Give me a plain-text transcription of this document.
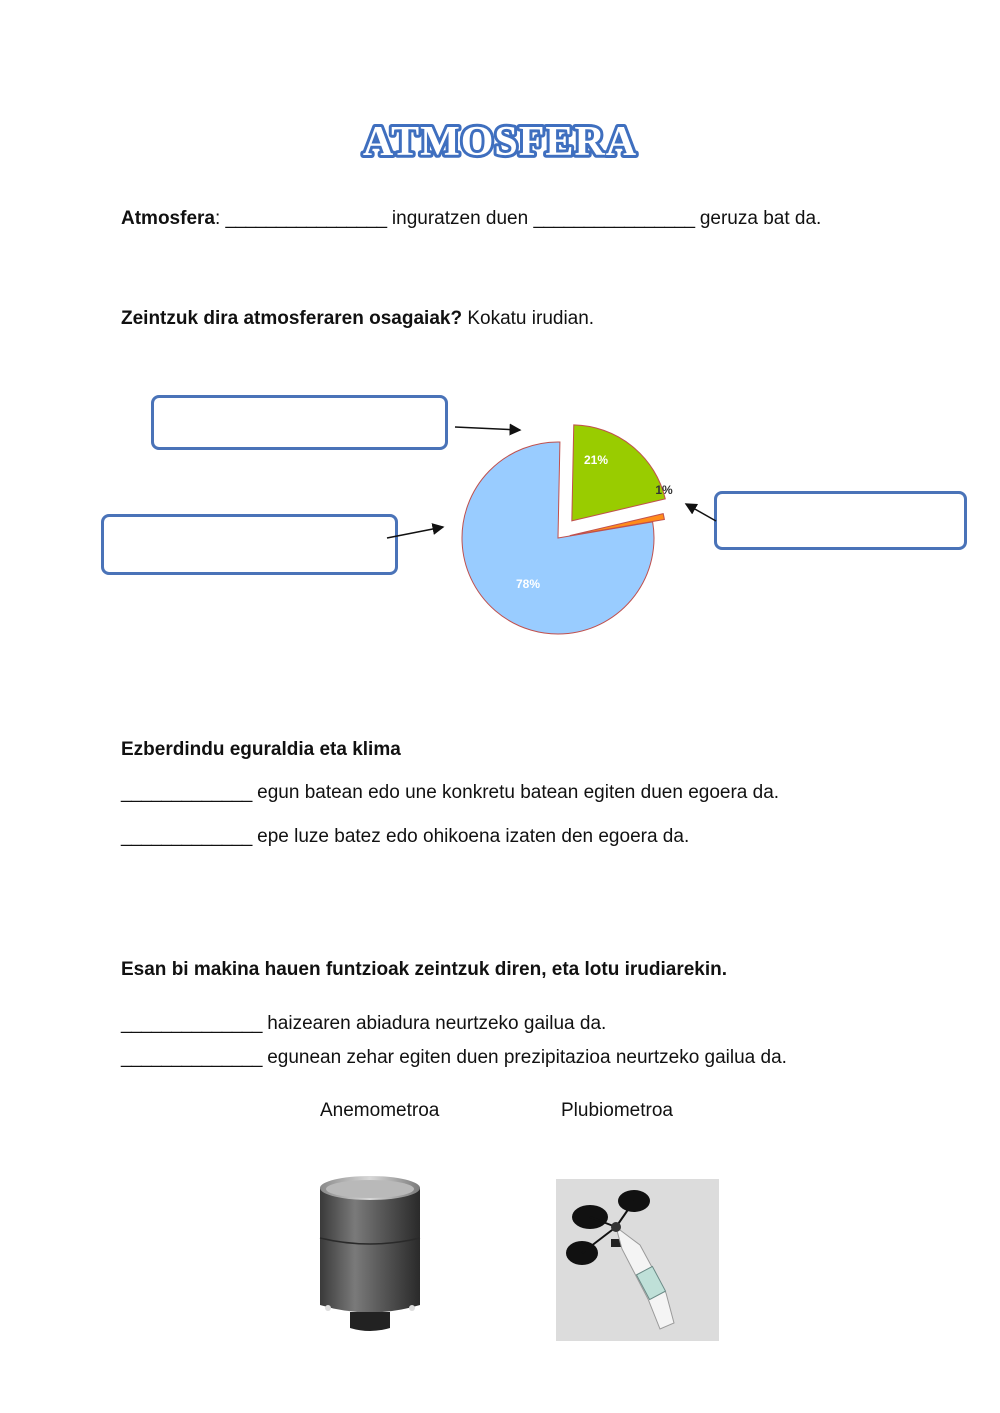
ATMOSFERA
Atmosfera: ________________ inguratzen duen ________________ geruza bat da.
Zeintzuk dira atmosferaren osagaiak? Kokatu irudian.
78%
21%
1%
Ezberdindu eguraldia eta klima
_____________ egun batean edo une konkretu batean egiten duen egoera da.
_____________ epe luze batez edo ohikoena izaten den egoera da.
Esan bi makina hauen funtzioak zeintzuk diren, eta lotu irudiarekin.
______________ haizearen abiadura neurtzeko gailua da.
______________ egunean zehar egiten duen prezipitazioa neurtzeko gailua da.
Anemometroa	Plubiometroa
